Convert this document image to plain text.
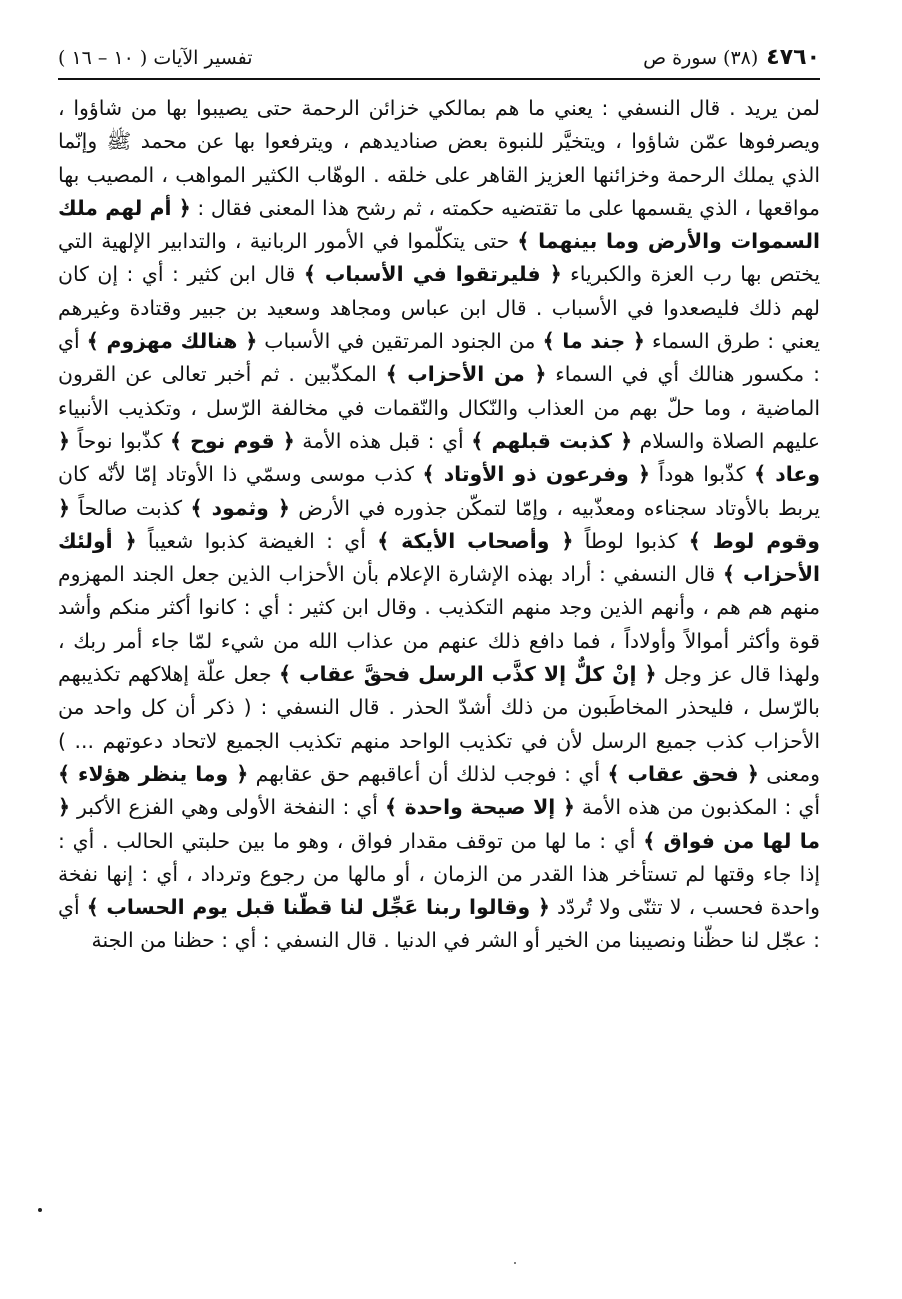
٤٧٦٠
(٣٨) سورة ص
تفسير الآيات ( ١٠ – ١٦ )

لمن يريد . قال النسفي : يعني ما هم بمالكي خزائن الرحمة حتى يصيبوا بها من شاؤوا ، ويصرفوها عمّن شاؤوا ، ويتخيَّر للنبوة بعض صناديدهم ، ويترفعوا بها عن محمد ﷺ وإنّما الذي يملك الرحمة وخزائنها العزيز القاهر على خلقه . الوهّاب الكثير المواهب ، المصيب بها مواقعها ، الذي يقسمها على ما تقتضيه حكمته ، ثم رشح هذا المعنى فقال : ﴿ أم لهم ملك السموات والأرض وما بينهما ﴾ حتى يتكلّموا في الأمور الربانية ، والتدابير الإلهية التي يختص بها رب العزة والكبرياء ﴿ فليرتقوا في الأسباب ﴾ قال ابن كثير : أي : إن كان لهم ذلك فليصعدوا في الأسباب . قال ابن عباس ومجاهد وسعيد بن جبير وقتادة وغيرهم يعني : طرق السماء ﴿ جند ما ﴾ من الجنود المرتقين في الأسباب ﴿ هنالك مهزوم ﴾ أي : مكسور هنالك أي في السماء ﴿ من الأحزاب ﴾ المكذّبين . ثم أخبر تعالى عن القرون الماضية ، وما حلّ بهم من العذاب والنّكال والنّقمات في مخالفة الرّسل ، وتكذيب الأنبياء عليهم الصلاة والسلام ﴿ كذبت قبلهم ﴾ أي : قبل هذه الأمة ﴿ قوم نوح ﴾ كذّبوا نوحاً ﴿ وعاد ﴾ كذّبوا هوداً ﴿ وفرعون ذو الأوتاد ﴾ كذب موسى وسمّي ذا الأوتاد إمّا لأنّه كان يربط بالأوتاد سجناءه ومعذّبيه ، وإمّا لتمكّن جذوره في الأرض ﴿ وثمود ﴾ كذبت صالحاً ﴿ وقوم لوط ﴾ كذبوا لوطاً ﴿ وأصحاب الأيكة ﴾ أي : الغيضة كذبوا شعيباً ﴿ أولئك الأحزاب ﴾ قال النسفي : أراد بهذه الإشارة الإعلام بأن الأحزاب الذين جعل الجند المهزوم منهم هم هم ، وأنهم الذين وجد منهم التكذيب . وقال ابن كثير : أي : كانوا أكثر منكم وأشد قوة وأكثر أموالاً وأولاداً ، فما دافع ذلك عنهم من عذاب الله من شيء لمّا جاء أمر ربك ، ولهذا قال عز وجل ﴿ إنْ كلٌّ إلا كذَّب الرسل فحقَّ عقاب ﴾ جعل علّة إهلاكهم تكذيبهم بالرّسل ، فليحذر المخاطَبون من ذلك أشدّ الحذر . قال النسفي : ( ذكر أن كل واحد من الأحزاب كذب جميع الرسل لأن في تكذيب الواحد منهم تكذيب الجميع لاتحاد دعوتهم ... ) ومعنى ﴿ فحق عقاب ﴾ أي : فوجب لذلك أن أعاقبهم حق عقابهم ﴿ وما ينظر هؤلاء ﴾ أي : المكذبون من هذه الأمة ﴿ إلا صيحة واحدة ﴾ أي : النفخة الأولى وهي الفزع الأكبر ﴿ ما لها من فواق ﴾ أي : ما لها من توقف مقدار فواق ، وهو ما بين حلبتي الحالب . أي : إذا جاء وقتها لم تستأخر هذا القدر من الزمان ، أو مالها من رجوع وترداد ، أي : إنها نفخة واحدة فحسب ، لا تثنّى ولا تُردّد ﴿ وقالوا ربنا عَجِّل لنا قطّنا قبل يوم الحساب ﴾ أي : عجّل لنا حظّنا ونصيبنا من الخير أو الشر في الدنيا . قال النسفي : أي : حظنا من الجنة
